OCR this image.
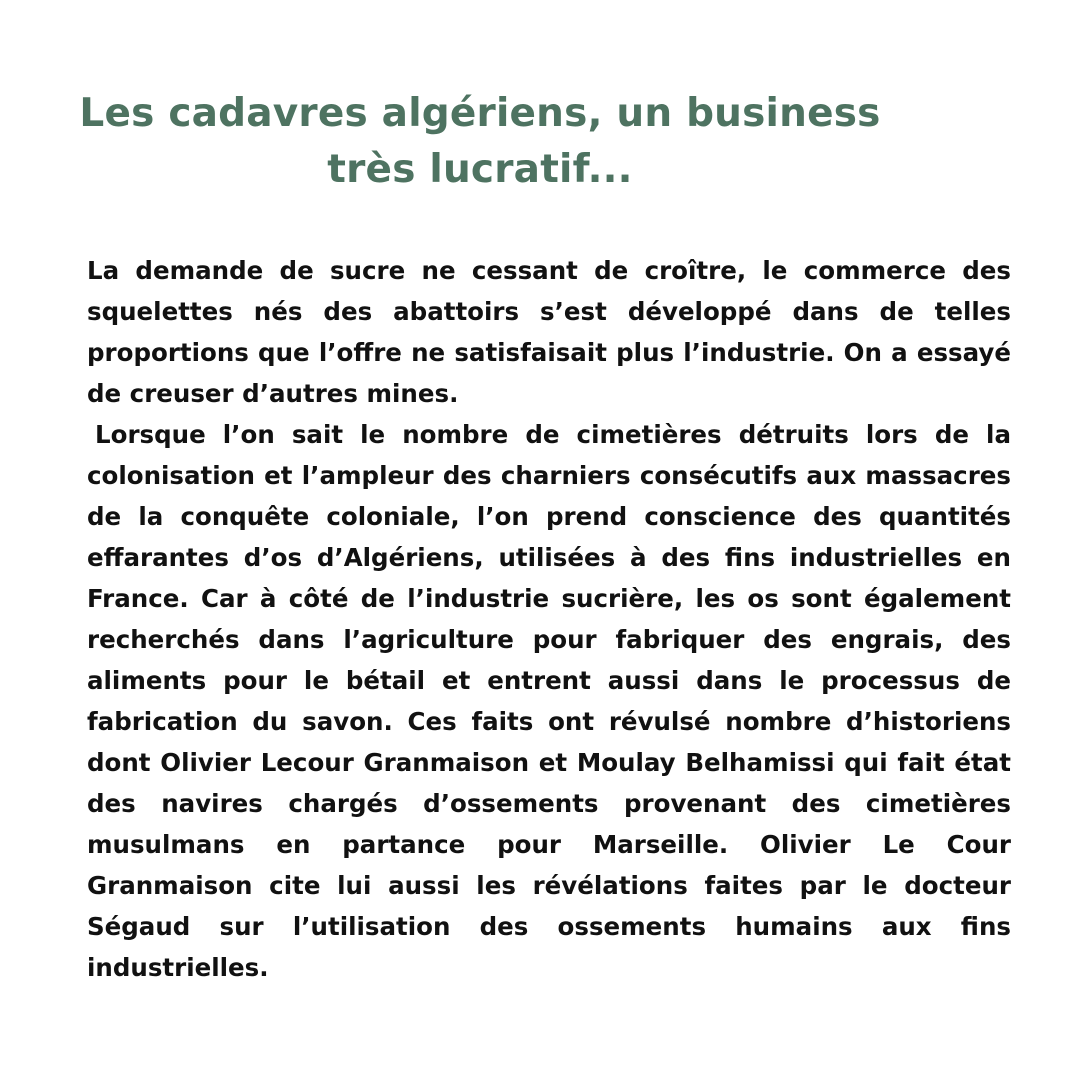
Les cadavres algériens, un business
très lucratif...

La demande de sucre ne cessant de croître, le commerce des squelettes nés des abattoirs s’est développé dans de telles proportions que l’offre ne satisfaisait plus l’industrie. On a essayé de creuser d’autres mines.

Lorsque l’on sait le nombre de cimetières détruits lors de la colonisation et l’ampleur des charniers consécutifs aux massacres de la conquête coloniale, l’on prend conscience des quantités effarantes d’os d’Algériens, utilisées à des fins industrielles en France. Car à côté de l’industrie sucrière, les os sont également recherchés dans l’agriculture pour fabriquer des engrais, des aliments pour le bétail et entrent aussi dans le processus de fabrication du savon. Ces faits ont révulsé nombre d’historiens dont Olivier Lecour Granmaison et Moulay Belhamissi qui fait état des navires chargés d’ossements provenant des cimetières musulmans en partance pour Marseille. Olivier Le Cour Granmaison cite lui aussi les révélations faites par le docteur Ségaud sur l’utilisation des ossements humains aux fins industrielles.
